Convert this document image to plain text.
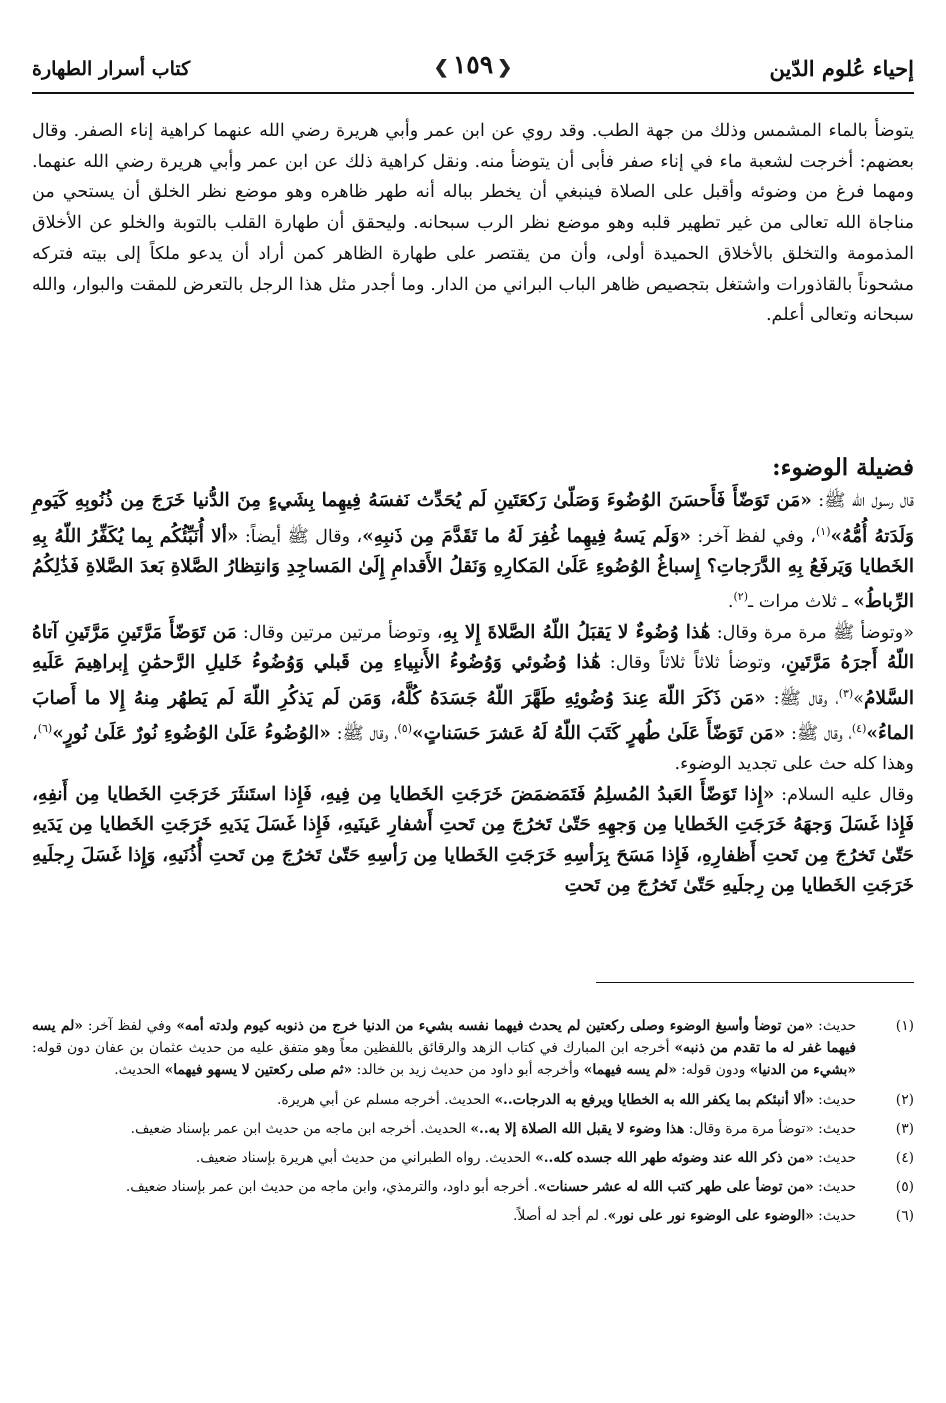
إحياء عُلوم الدّين
❮ ١٥٩ ❯
كتاب أسرار الطهارة

يتوضأ بالماء المشمس وذلك من جهة الطب. وقد روي عن ابن عمر وأبي هريرة رضي الله عنهما كراهية إناء الصفر. وقال بعضهم: أخرجت لشعبة ماء في إناء صفر فأبى أن يتوضأ منه. ونقل كراهية ذلك عن ابن عمر وأبي هريرة رضي الله عنهما. ومهما فرغ من وضوئه وأقبل على الصلاة فينبغي أن يخطر بباله أنه طهر ظاهره وهو موضع نظر الخلق أن يستحي من مناجاة الله تعالى من غير تطهير قلبه وهو موضع نظر الرب سبحانه. وليحقق أن طهارة القلب بالتوبة والخلو عن الأخلاق المذمومة والتخلق بالأخلاق الحميدة أولى، وأن من يقتصر على طهارة الظاهر كمن أراد أن يدعو ملكاً إلى بيته فتركه مشحوناً بالقاذورات واشتغل بتجصيص ظاهر الباب البراني من الدار. وما أجدر مثل هذا الرجل بالتعرض للمقت والبوار، والله سبحانه وتعالى أعلم.

فضيلة الوضوء:

قال رسول الله ﷺ: «مَن تَوَضّأَ فَأَحسَنَ الوُضُوءَ وَصَلّىٰ رَكعَتَينِ لَم يُحَدِّث نَفسَهُ فِيهِما بِشَيءٍ مِنَ الدُّنيا خَرَجَ مِن ذُنُوبِهِ كَيَومِ وَلَدَتهُ أُمُّهُ»$^{(١)}$، وفي لفظ آخر: «وَلَم يَسهُ فِيهِما غُفِرَ لَهُ ما تَقَدَّمَ مِن ذَنبِهِ»، وقال ﷺ أيضاً: «ألا أُنَبِّئُكُم بِما يُكَفِّرُ اللّهُ بِهِ الخَطايا وَيَرفَعُ بِهِ الدَّرَجاتِ؟ إِسباغُ الوُضُوءِ عَلَىٰ المَكارِهِ وَنَقلُ الأَقدامِ إِلَىٰ المَساجِدِ وَانتِظارُ الصَّلاةِ بَعدَ الصَّلاةِ فَذَٰلِكُمُ الرِّباطُ» ـ ثلاث مرات ـ$^{(٢)}$.

«وتوضأ ﷺ مرة مرة وقال: هَٰذا وُضُوءٌ لا يَقبَلُ اللّهُ الصَّلاةَ إِلا بِهِ، وتوضأ مرتين مرتين وقال: مَن تَوَضّأَ مَرَّتَينِ مَرَّتَينِ آتاهُ اللّهُ أَجرَهُ مَرَّتَينِ، وتوضأ ثلاثاً ثلاثاً وقال: هَٰذا وُضُوئي وَوُضُوءُ الأَنبِياءِ مِن قَبلي وَوُضُوءُ خَليلِ الرَّحمَٰنِ إِبراهِيمَ عَلَيهِ السَّلامُ»$^{(٣)}$، وقال ﷺ: «مَن ذَكَرَ اللّهَ عِندَ وُضُوئِهِ طَهَّرَ اللّهُ جَسَدَهُ كُلَّهُ، وَمَن لَم يَذكُرِ اللّهَ لَم يَطهُر مِنهُ إِلا ما أَصابَ الماءُ»$^{(٤)}$، وقال ﷺ: «مَن تَوَضّأَ عَلَىٰ طُهرٍ كَتَبَ اللّهُ لَهُ عَشرَ حَسَناتٍ»$^{(٥)}$، وقال ﷺ: «الوُضُوءُ عَلَىٰ الوُضُوءِ نُورٌ عَلَىٰ نُورٍ»$^{(٦)}$، وهذا كله حث على تجديد الوضوء.

وقال عليه السلام: «إِذا تَوَضّأَ العَبدُ المُسلِمُ فَتَمَضمَضَ خَرَجَتِ الخَطايا مِن فِيهِ، فَإِذا استَنثَرَ خَرَجَتِ الخَطايا مِن أَنفِهِ، فَإِذا غَسَلَ وَجهَهُ خَرَجَتِ الخَطايا مِن وَجهِهِ حَتّىٰ تَخرُجَ مِن تَحتِ أَشفارِ عَينَيهِ، فَإِذا غَسَلَ يَدَيهِ خَرَجَتِ الخَطايا مِن يَدَيهِ حَتّىٰ تَخرُجَ مِن تَحتِ أَظفارِهِ، فَإِذا مَسَحَ بِرَأسِهِ خَرَجَتِ الخَطايا مِن رَأسِهِ حَتّىٰ تَخرُجَ مِن تَحتِ أُذُنَيهِ، وَإِذا غَسَلَ رِجلَيهِ خَرَجَتِ الخَطايا مِن رِجلَيهِ حَتّىٰ تَخرُجَ مِن تَحتِ

(١)
حديث: «من توضأ وأسبغ الوضوء وصلى ركعتين لم يحدث فيهما نفسه بشيء من الدنيا خرج من ذنوبه كيوم ولدته أمه» وفي لفظ آخر: «لم يسه فيهما غفر له ما تقدم من ذنبه» أخرجه ابن المبارك في كتاب الزهد والرقائق باللفظين معاً وهو متفق عليه من حديث عثمان بن عفان دون قوله: «بشيء من الدنيا» ودون قوله: «لم يسه فيهما» وأخرجه أبو داود من حديث زيد بن خالد: «ثم صلى ركعتين لا يسهو فيهما» الحديث.
(٢)
حديث: «ألا أنبئكم بما يكفر الله به الخطايا ويرفع به الدرجات..» الحديث. أخرجه مسلم عن أبي هريرة.
(٣)
حديث: «توضأ مرة مرة وقال: هذا وضوء لا يقبل الله الصلاة إلا به..» الحديث. أخرجه ابن ماجه من حديث ابن عمر بإسناد ضعيف.
(٤)
حديث: «من ذكر الله عند وضوئه طهر الله جسده كله..» الحديث. رواه الطبراني من حديث أبي هريرة بإسناد ضعيف.
(٥)
حديث: «من توضأ على طهر كتب الله له عشر حسنات». أخرجه أبو داود، والترمذي، وابن ماجه من حديث ابن عمر بإسناد ضعيف.
(٦)
حديث: «الوضوء على الوضوء نور على نور». لم أجد له أصلاً.
